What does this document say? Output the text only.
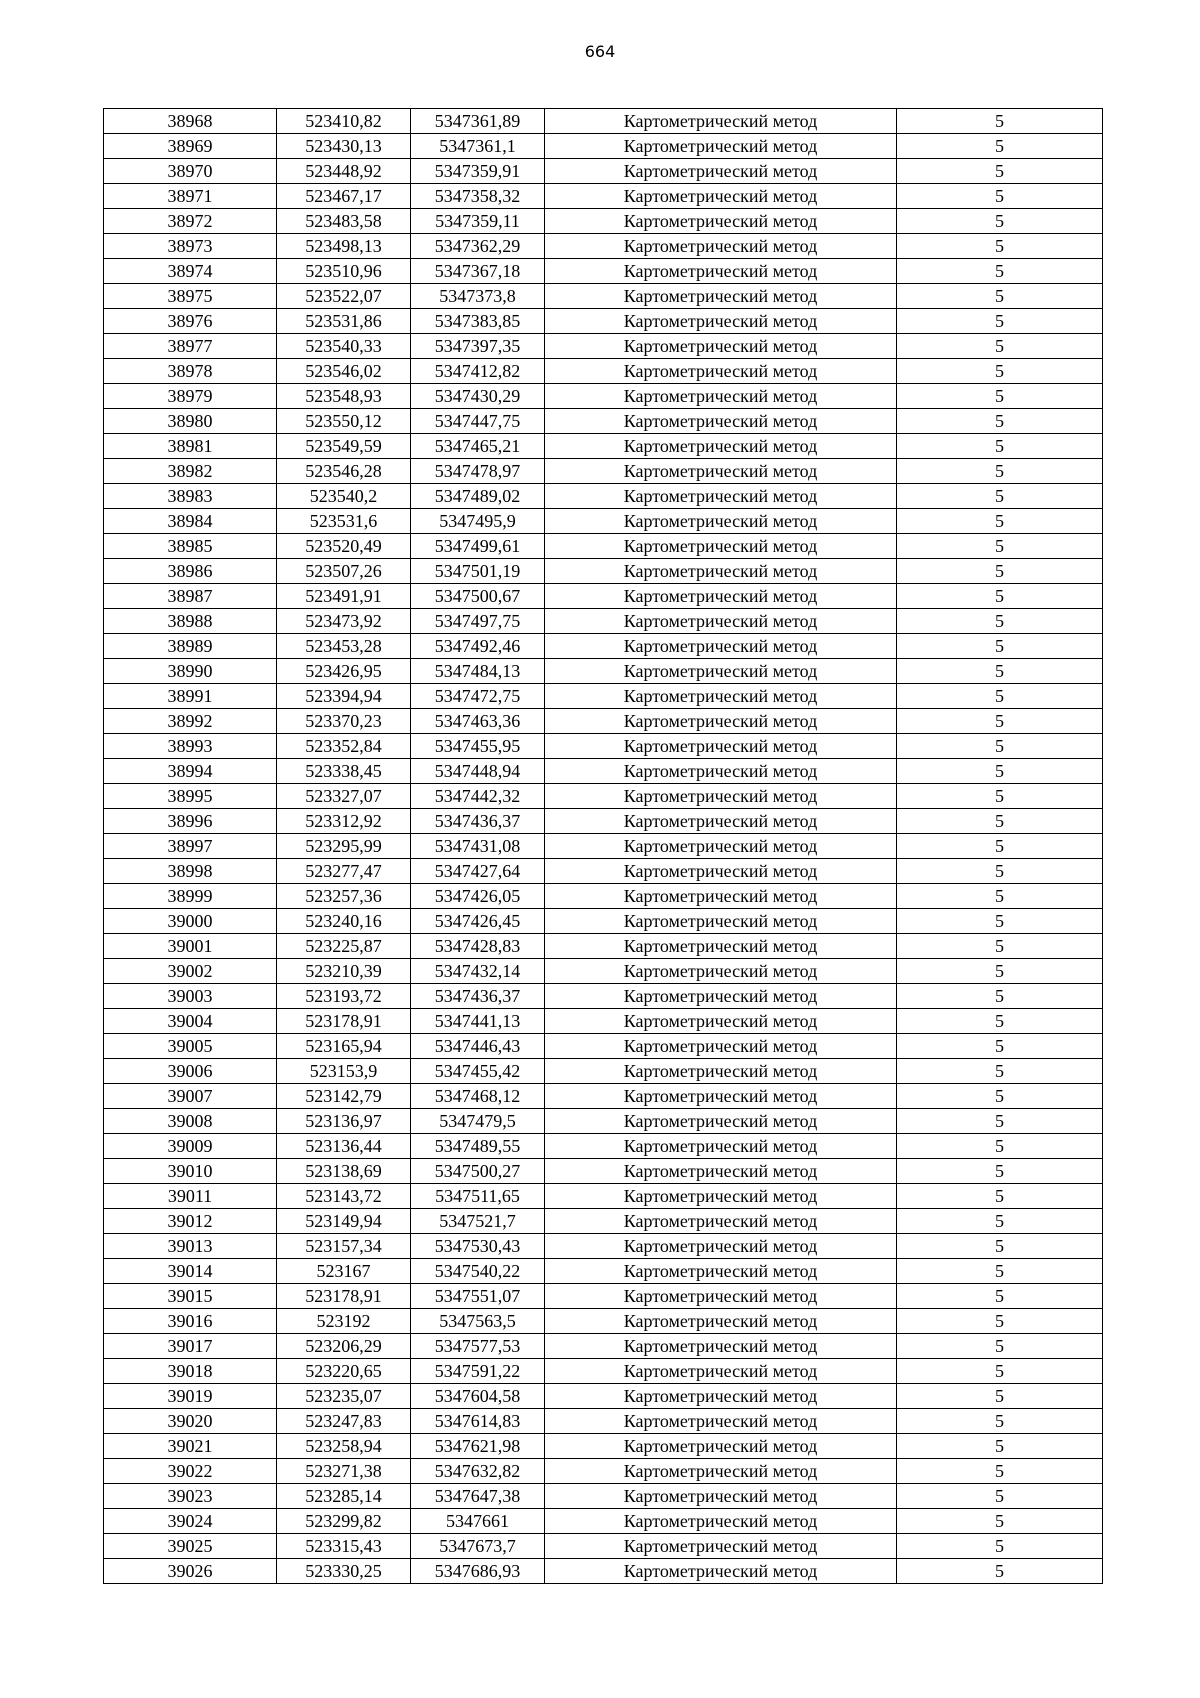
664
38968	523410,82	5347361,89	Картометрический метод	5
38969	523430,13	5347361,1	Картометрический метод	5
38970	523448,92	5347359,91	Картометрический метод	5
38971	523467,17	5347358,32	Картометрический метод	5
38972	523483,58	5347359,11	Картометрический метод	5
38973	523498,13	5347362,29	Картометрический метод	5
38974	523510,96	5347367,18	Картометрический метод	5
38975	523522,07	5347373,8	Картометрический метод	5
38976	523531,86	5347383,85	Картометрический метод	5
38977	523540,33	5347397,35	Картометрический метод	5
38978	523546,02	5347412,82	Картометрический метод	5
38979	523548,93	5347430,29	Картометрический метод	5
38980	523550,12	5347447,75	Картометрический метод	5
38981	523549,59	5347465,21	Картометрический метод	5
38982	523546,28	5347478,97	Картометрический метод	5
38983	523540,2	5347489,02	Картометрический метод	5
38984	523531,6	5347495,9	Картометрический метод	5
38985	523520,49	5347499,61	Картометрический метод	5
38986	523507,26	5347501,19	Картометрический метод	5
38987	523491,91	5347500,67	Картометрический метод	5
38988	523473,92	5347497,75	Картометрический метод	5
38989	523453,28	5347492,46	Картометрический метод	5
38990	523426,95	5347484,13	Картометрический метод	5
38991	523394,94	5347472,75	Картометрический метод	5
38992	523370,23	5347463,36	Картометрический метод	5
38993	523352,84	5347455,95	Картометрический метод	5
38994	523338,45	5347448,94	Картометрический метод	5
38995	523327,07	5347442,32	Картометрический метод	5
38996	523312,92	5347436,37	Картометрический метод	5
38997	523295,99	5347431,08	Картометрический метод	5
38998	523277,47	5347427,64	Картометрический метод	5
38999	523257,36	5347426,05	Картометрический метод	5
39000	523240,16	5347426,45	Картометрический метод	5
39001	523225,87	5347428,83	Картометрический метод	5
39002	523210,39	5347432,14	Картометрический метод	5
39003	523193,72	5347436,37	Картометрический метод	5
39004	523178,91	5347441,13	Картометрический метод	5
39005	523165,94	5347446,43	Картометрический метод	5
39006	523153,9	5347455,42	Картометрический метод	5
39007	523142,79	5347468,12	Картометрический метод	5
39008	523136,97	5347479,5	Картометрический метод	5
39009	523136,44	5347489,55	Картометрический метод	5
39010	523138,69	5347500,27	Картометрический метод	5
39011	523143,72	5347511,65	Картометрический метод	5
39012	523149,94	5347521,7	Картометрический метод	5
39013	523157,34	5347530,43	Картометрический метод	5
39014	523167	5347540,22	Картометрический метод	5
39015	523178,91	5347551,07	Картометрический метод	5
39016	523192	5347563,5	Картометрический метод	5
39017	523206,29	5347577,53	Картометрический метод	5
39018	523220,65	5347591,22	Картометрический метод	5
39019	523235,07	5347604,58	Картометрический метод	5
39020	523247,83	5347614,83	Картометрический метод	5
39021	523258,94	5347621,98	Картометрический метод	5
39022	523271,38	5347632,82	Картометрический метод	5
39023	523285,14	5347647,38	Картометрический метод	5
39024	523299,82	5347661	Картометрический метод	5
39025	523315,43	5347673,7	Картометрический метод	5
39026	523330,25	5347686,93	Картометрический метод	5
